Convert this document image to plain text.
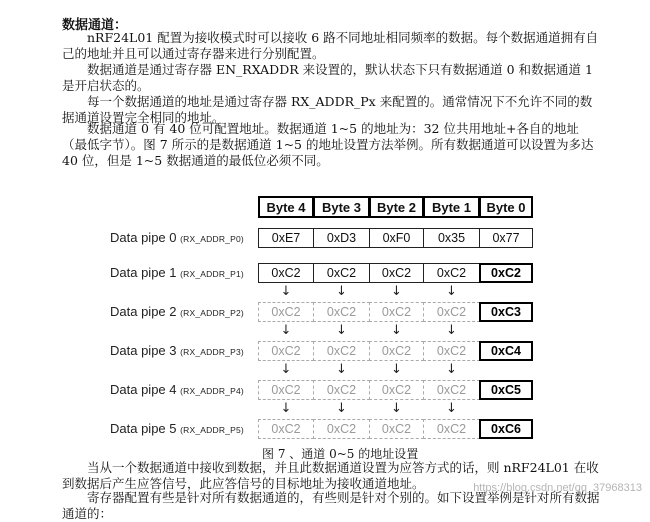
数据通道：

nRF24L01 配置为接收模式时可以接收 6 路不同地址相同频率的数据。每个数据通道拥有自己的地址并且可以通过寄存器来进行分别配置。

数据通道是通过寄存器 EN_RXADDR 来设置的，默认状态下只有数据通道 0 和数据通道 1 是开启状态的。

每一个数据通道的地址是通过寄存器 RX_ADDR_Px 来配置的。通常情况下不允许不同的数据通道设置完全相同的地址。

数据通道 0 有 40 位可配置地址。数据通道 1~5 的地址为：32 位共用地址+各自的地址（最低字节）。图 7 所示的是数据通道 1~5 的地址设置方法举例。所有数据通道可以设置为多达 40 位，但是 1~5 数据通道的最低位必须不同。

Byte 4	Byte 3	Byte 2	Byte 1	Byte 0
Data pipe 0 (RX_ADDR_P0)	0xE7	0xD3	0xF0	0x35	0x77
Data pipe 1 (RX_ADDR_P1)	0xC2	0xC2	0xC2	0xC2	0xC2
Data pipe 2 (RX_ADDR_P2)	0xC2	0xC2	0xC2	0xC2	0xC3
Data pipe 3 (RX_ADDR_P3)	0xC2	0xC2	0xC2	0xC2	0xC4
Data pipe 4 (RX_ADDR_P4)	0xC2	0xC2	0xC2	0xC2	0xC5
Data pipe 5 (RX_ADDR_P5)	0xC2	0xC2	0xC2	0xC2	0xC6
↓	↓	↓	↓
↓	↓	↓	↓
↓	↓	↓	↓
↓	↓	↓	↓
图 7 、通道 0~5 的地址设置

当从一个数据通道中接收到数据，并且此数据通道设置为应答方式的话，则 nRF24L01 在收到数据后产生应答信号，此应答信号的目标地址为接收通道地址。

寄存器配置有些是针对所有数据通道的，有些则是针对个别的。如下设置举例是针对所有数据通道的：

https://blog.csdn.net/qq_37968313
